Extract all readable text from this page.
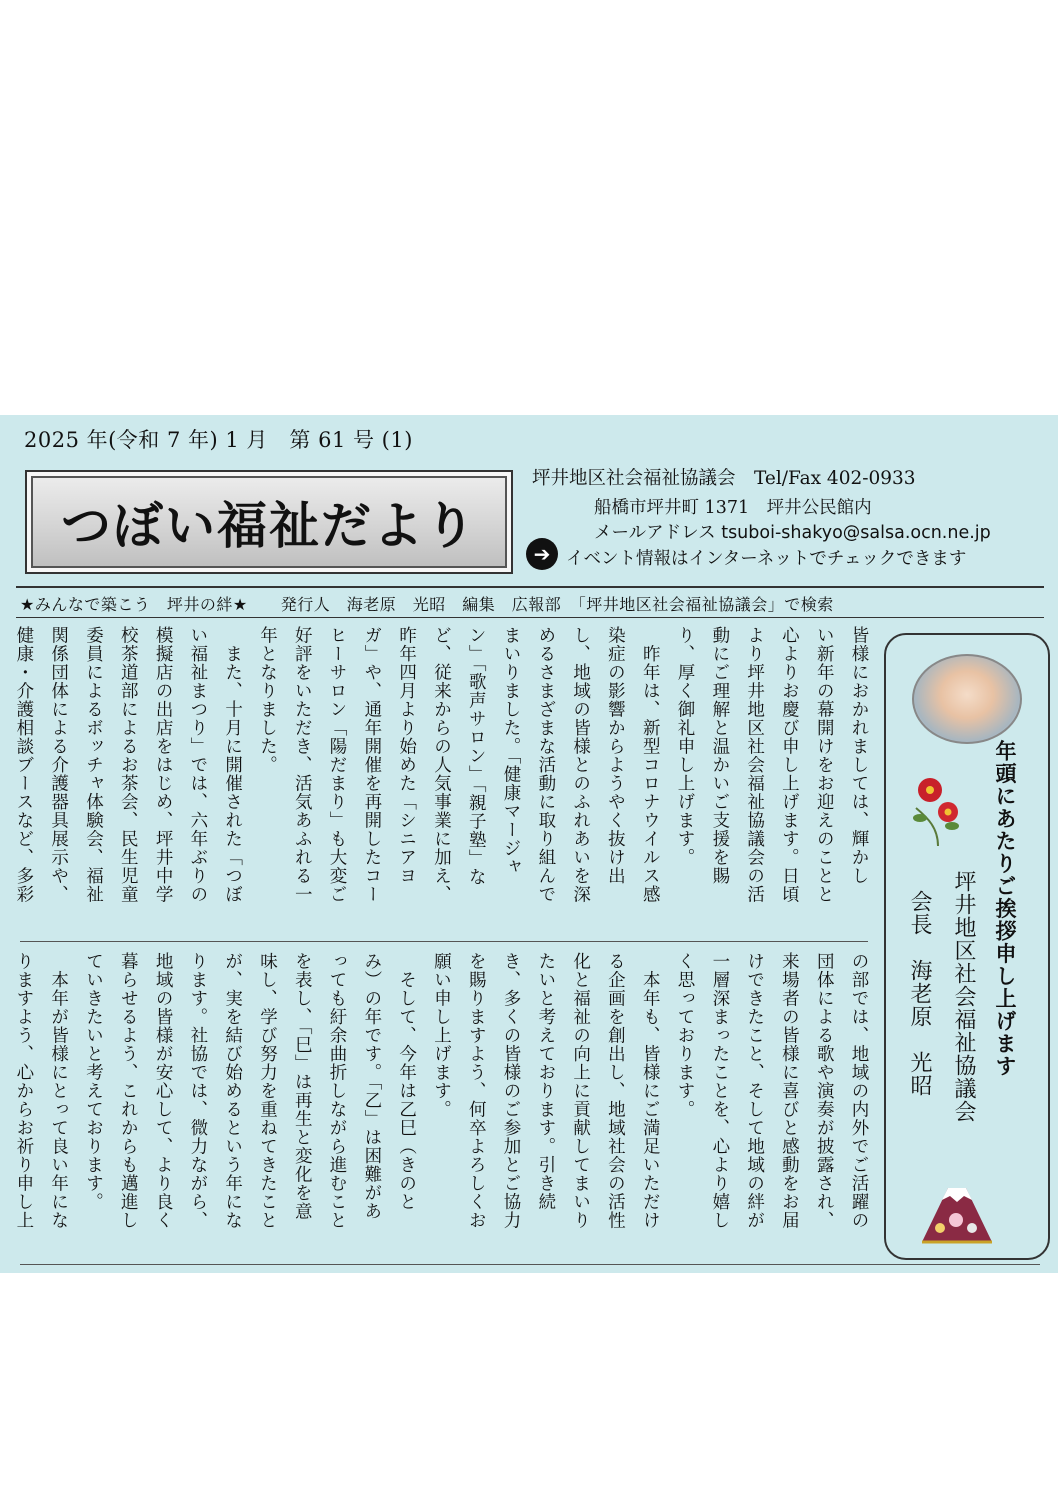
2025 年(令和 7 年) 1 月　第 61 号 (1)
つぼい福祉だより
坪井地区社会福祉協議会　Tel/Fax 402-0933
船橋市坪井町 1371　坪井公民館内
メールアドレス tsuboi-shakyo@salsa.ocn.ne.jp
➔ イベント情報はインターネットでチェックできます
★みんなで築こう　坪井の絆★　　発行人　海老原　光昭　編集　広報部　「坪井地区社会福祉協議会」で検索
皆様におかれましては、輝かし
い新年の幕開けをお迎えのことと
心よりお慶び申し上げます。日頃
より坪井地区社会福祉協議会の活
動にご理解と温かいご支援を賜
り、厚く御礼申し上げます。
　昨年は、新型コロナウイルス感
染症の影響からようやく抜け出
し、地域の皆様とのふれあいを深
めるさまざまな活動に取り組んで
まいりました。「健康マージャ
ン」「歌声サロン」「親子塾」な
ど、従来からの人気事業に加え、
昨年四月より始めた「シニアヨ
ガ」や、通年開催を再開したコー
ヒーサロン「陽だまり」も大変ご
好評をいただき、活気あふれる一
年となりました。
　また、十月に開催された「つぼ
い福祉まつり」では、六年ぶりの
模擬店の出店をはじめ、坪井中学
校茶道部によるお茶会、民生児童
委員によるボッチャ体験会、福祉
関係団体による介護器具展示や、
健康・介護相談ブースなど、多彩

の部では、地域の内外でご活躍の
団体による歌や演奏が披露され、
来場者の皆様に喜びと感動をお届
けできたこと、そして地域の絆が
一層深まったことを、心より嬉し
く思っております。
　本年も、皆様にご満足いただけ
る企画を創出し、地域社会の活性
化と福祉の向上に貢献してまいり
たいと考えております。引き続
き、多くの皆様のご参加とご協力
を賜りますよう、何卒よろしくお
願い申し上げます。
　そして、今年は乙巳（きのと
み）の年です。「乙」は困難があ
っても紆余曲折しながら進むこと
を表し、「巳」は再生と変化を意
味し、学び努力を重ねてきたこと
が、実を結び始めるという年にな
ります。社協では、微力ながら、
地域の皆様が安心して、より良く
暮らせるよう、これからも邁進し
ていきたいと考えております。
　本年が皆様にとって良い年にな
りますよう、心からお祈り申し上

年頭にあたりご挨拶申し上げます
坪井地区社会福祉協議会
会長　海老原　光昭
